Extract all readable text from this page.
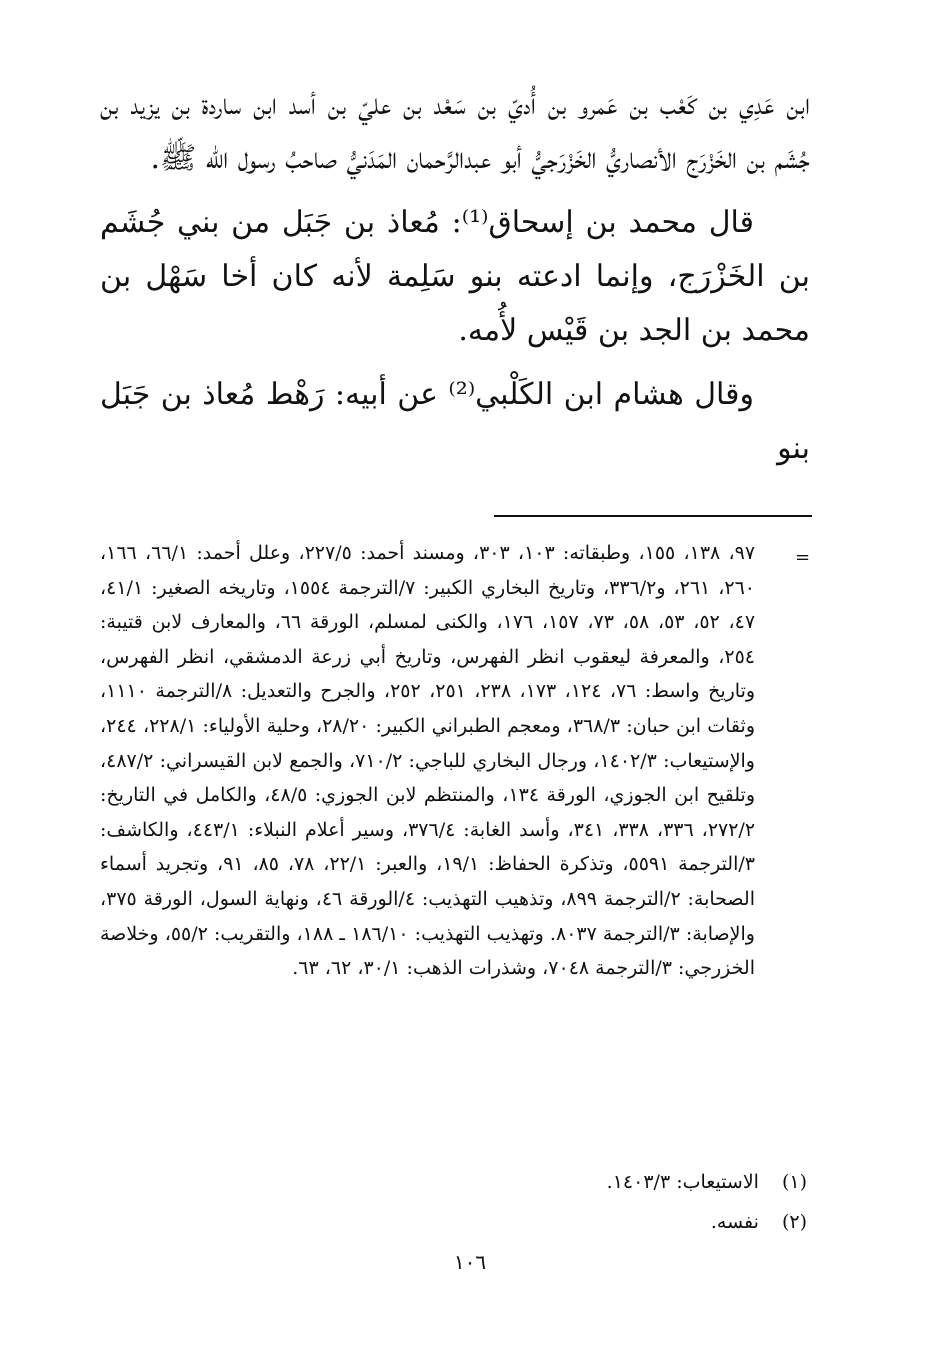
ابن عَدِي بن كَعْب بن عَمرو بن أُديّ بن سَعْد بن عليّ بن أسد ابن ساردة بن يزيد بن جُشَم بن الخَزْرَج الأنصاريُّ الخَزْرَجيُّ أبو عبدالرَّحمان المَدَنيُّ صاحبُ رسول الله ﷺ.

قال محمد بن إسحاق⁽¹⁾: مُعاذ بن جَبَل من بني جُشَم بن الخَزْرَج، وإنما ادعته بنو سَلِمة لأنه كان أخا سَهْل بن محمد بن الجد بن قَيْس لأُمه.

وقال هشام ابن الكَلْبي⁽²⁾ عن أبيه: رَهْط مُعاذ بن جَبَل بنو

=

٩٧، ١٣٨، ١٥٥، وطبقاته: ١٠٣، ٣٠٣، ومسند أحمد: ٢٢٧/٥، وعلل أحمد: ٦٦/١، ١٦٦، ٢٦٠، ٢٦١، و٣٣٦/٢، وتاريخ البخاري الكبير: ٧/الترجمة ١٥٥٤، وتاريخه الصغير: ٤١/١، ٤٧، ٥٢، ٥٣، ٥٨، ٧٣، ١٥٧، ١٧٦، والكنى لمسلم، الورقة ٦٦، والمعارف لابن قتيبة: ٢٥٤، والمعرفة ليعقوب انظر الفهرس، وتاريخ أبي زرعة الدمشقي، انظر الفهرس، وتاريخ واسط: ٧٦، ١٢٤، ١٧٣، ٢٣٨، ٢٥١، ٢٥٢، والجرح والتعديل: ٨/الترجمة ١١١٠، وثقات ابن حبان: ٣٦٨/٣، ومعجم الطبراني الكبير: ٢٨/٢٠، وحلية الأولياء: ٢٢٨/١، ٢٤٤، والإستيعاب: ١٤٠٢/٣، ورجال البخاري للباجي: ٧١٠/٢، والجمع لابن القيسراني: ٤٨٧/٢، وتلقيح ابن الجوزي، الورقة ١٣٤، والمنتظم لابن الجوزي: ٤٨/٥، والكامل في التاريخ: ٢٧٢/٢، ٣٣٦، ٣٣٨، ٣٤١، وأسد الغابة: ٣٧٦/٤، وسير أعلام النبلاء: ٤٤٣/١، والكاشف: ٣/الترجمة ٥٥٩١، وتذكرة الحفاظ: ١٩/١، والعبر: ٢٢/١، ٧٨، ٨٥، ٩١، وتجريد أسماء الصحابة: ٢/الترجمة ٨٩٩، وتذهيب التهذيب: ٤/الورقة ٤٦، ونهاية السول، الورقة ٣٧٥، والإصابة: ٣/الترجمة ٨٠٣٧. وتهذيب التهذيب: ١٨٦/١٠ ـ ١٨٨، والتقريب: ٥٥/٢، وخلاصة الخزرجي: ٣/الترجمة ٧٠٤٨، وشذرات الذهب: ٣٠/١، ٦٢، ٦٣.

(١) الاستيعاب: ١٤٠٣/٣.
(٢) نفسه.
١٠٦
